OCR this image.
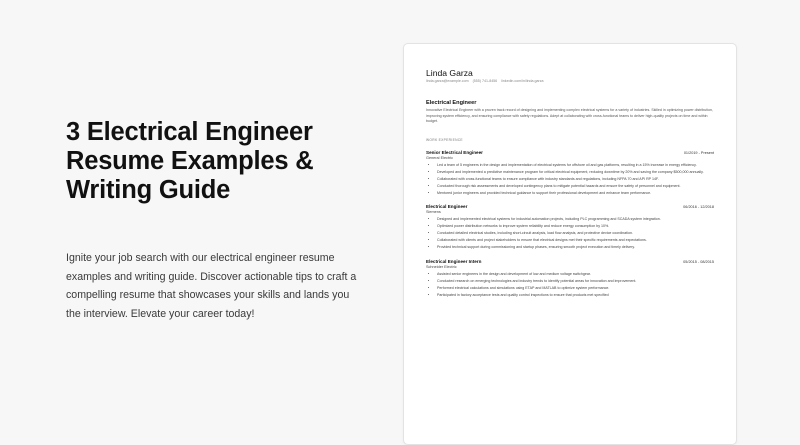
3 Electrical Engineer
Resume Examples &
Writing Guide

Ignite your job search with our electrical engineer resume examples and writing guide. Discover actionable tips to craft a compelling resume that showcases your skills and lands you the interview. Elevate your career today!

Linda Garza
linda.garza@example.com (555) 741-8456 linkedin.com/in/linda.garza
Electrical Engineer
Innovative Electrical Engineer with a proven track record of designing and implementing complex electrical systems for a variety of industries. Skilled in optimizing power distribution, improving system efficiency, and ensuring compliance with safety regulations. Adept at collaborating with cross-functional teams to deliver high-quality projects on time and within budget.
WORK EXPERIENCE
Senior Electrical Engineer	01/2019 - Present
General Electric
• Led a team of 5 engineers in the design and implementation of electrical systems for offshore oil and gas platforms, resulting in a 15% increase in energy efficiency.
• Developed and implemented a predictive maintenance program for critical electrical equipment, reducing downtime by 20% and saving the company $500,000 annually.
• Collaborated with cross-functional teams to ensure compliance with industry standards and regulations, including NFPA 70 and API RP 14F.
• Conducted thorough risk assessments and developed contingency plans to mitigate potential hazards and ensure the safety of personnel and equipment.
• Mentored junior engineers and provided technical guidance to support their professional development and enhance team performance.
Electrical Engineer	06/2016 - 12/2018
Siemens
• Designed and implemented electrical systems for industrial automation projects, including PLC programming and SCADA system integration.
• Optimized power distribution networks to improve system reliability and reduce energy consumption by 10%.
• Conducted detailed electrical studies, including short-circuit analysis, load flow analysis, and protective device coordination.
• Collaborated with clients and project stakeholders to ensure that electrical designs met their specific requirements and expectations.
• Provided technical support during commissioning and startup phases, ensuring smooth project execution and timely delivery.
Electrical Engineer Intern	05/2015 - 08/2015
Schneider Electric
• Assisted senior engineers in the design and development of low and medium voltage switchgear.
• Conducted research on emerging technologies and industry trends to identify potential areas for innovation and improvement.
• Performed electrical calculations and simulations using ETAP and MATLAB to optimize system performance.
• Participated in factory acceptance tests and quality control inspections to ensure that products met specified
